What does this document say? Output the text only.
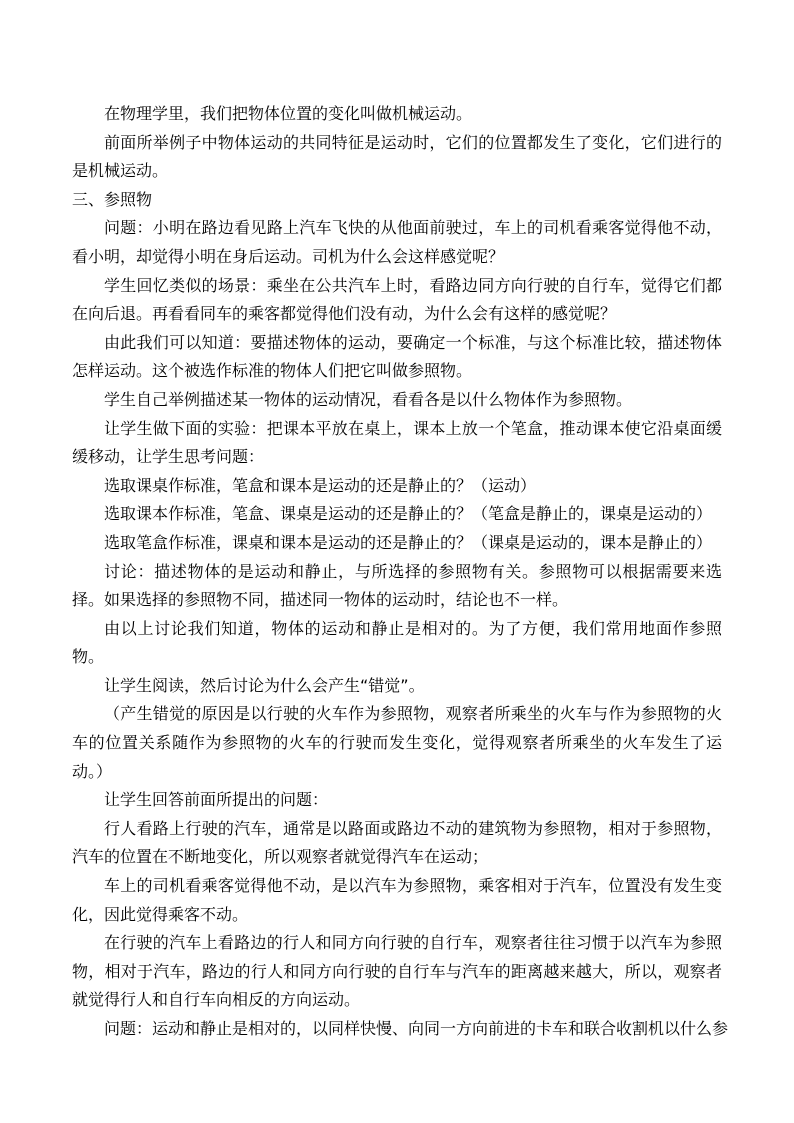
在物理学里，我们把物体位置的变化叫做机械运动。

前面所举例子中物体运动的共同特征是运动时，它们的位置都发生了变化，它们进行的是机械运动。

三、参照物

问题：小明在路边看见路上汽车飞快的从他面前驶过，车上的司机看乘客觉得他不动，看小明，却觉得小明在身后运动。司机为什么会这样感觉呢？

学生回忆类似的场景：乘坐在公共汽车上时，看路边同方向行驶的自行车，觉得它们都在向后退。再看看同车的乘客都觉得他们没有动，为什么会有这样的感觉呢？

由此我们可以知道：要描述物体的运动，要确定一个标准，与这个标准比较，描述物体怎样运动。这个被选作标准的物体人们把它叫做参照物。

学生自己举例描述某一物体的运动情况，看看各是以什么物体作为参照物。

让学生做下面的实验：把课本平放在桌上，课本上放一个笔盒，推动课本使它沿桌面缓缓移动，让学生思考问题：

选取课桌作标准，笔盒和课本是运动的还是静止的？（运动）

选取课本作标准，笔盒、课桌是运动的还是静止的？（笔盒是静止的，课桌是运动的）

选取笔盒作标准，课桌和课本是运动的还是静止的？（课桌是运动的，课本是静止的）

讨论：描述物体的是运动和静止，与所选择的参照物有关。参照物可以根据需要来选择。如果选择的参照物不同，描述同一物体的运动时，结论也不一样。

由以上讨论我们知道，物体的运动和静止是相对的。为了方便，我们常用地面作参照物。

让学生阅读，然后讨论为什么会产生“错觉”。

（产生错觉的原因是以行驶的火车作为参照物，观察者所乘坐的火车与作为参照物的火车的位置关系随作为参照物的火车的行驶而发生变化，觉得观察者所乘坐的火车发生了运动。）

让学生回答前面所提出的问题：

行人看路上行驶的汽车，通常是以路面或路边不动的建筑物为参照物，相对于参照物，汽车的位置在不断地变化，所以观察者就觉得汽车在运动；

车上的司机看乘客觉得他不动，是以汽车为参照物，乘客相对于汽车，位置没有发生变化，因此觉得乘客不动。

在行驶的汽车上看路边的行人和同方向行驶的自行车，观察者往往习惯于以汽车为参照物，相对于汽车，路边的行人和同方向行驶的自行车与汽车的距离越来越大，所以，观察者就觉得行人和自行车向相反的方向运动。

问题：运动和静止是相对的，以同样快慢、向同一方向前进的卡车和联合收割机以什么参
